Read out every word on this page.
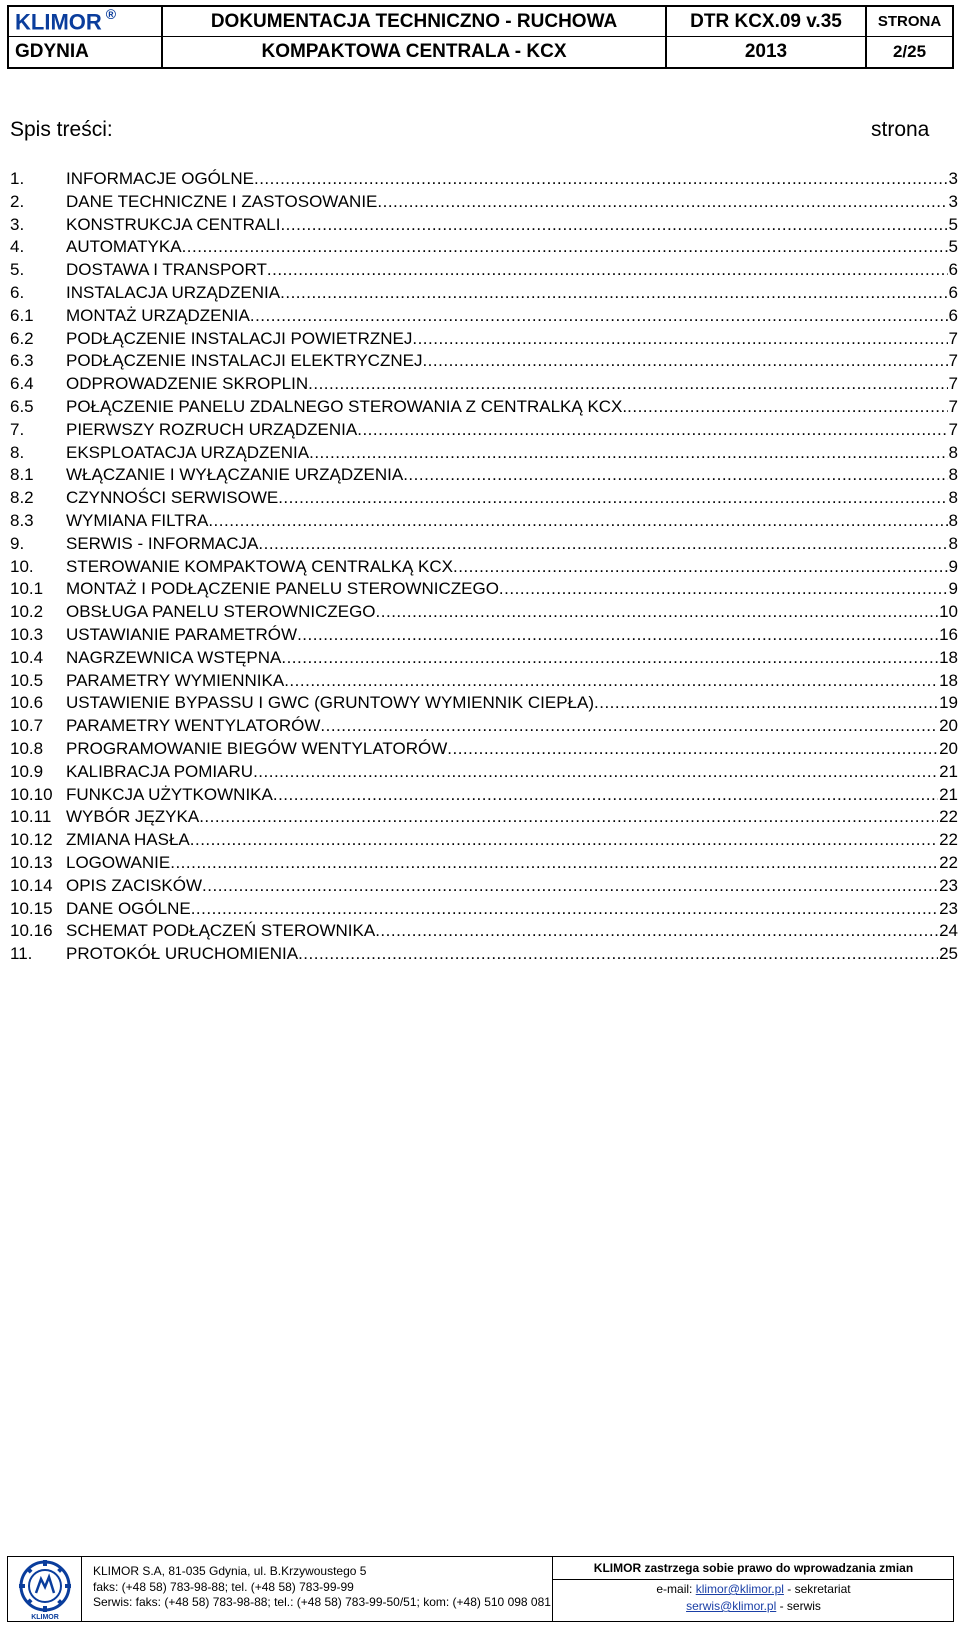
KLIMOR ®	DOKUMENTACJA TECHNICZNO - RUCHOWA	DTR KCX.09 v.35 STRONA
GDYNIA	KOMPAKTOWA CENTRALA - KCX	2013	2/25
Spis treści:	strona
1.	INFORMACJE OGÓLNE .....	3
2.	DANE TECHNICZNE I ZASTOSOWANIE .....	3
3.	KONSTRUKCJA CENTRALI .....	5
4.	AUTOMATYKA .....	5
5.	DOSTAWA I TRANSPORT .....	6
6.	INSTALACJA URZĄDZENIA .....	6
6.1	MONTAŻ URZĄDZENIA .....	6
6.2	PODŁĄCZENIE INSTALACJI POWIETRZNEJ .....	7
6.3	PODŁĄCZENIE INSTALACJI ELEKTRYCZNEJ .....	7
6.4	ODPROWADZENIE SKROPLIN .....	7
6.5	POŁĄCZENIE PANELU ZDALNEGO STEROWANIA Z CENTRALKĄ KCX. .....	7
7.	PIERWSZY ROZRUCH URZĄDZENIA .....	7
8.	EKSPLOATACJA URZĄDZENIA .....	8
8.1	WŁĄCZANIE I WYŁĄCZANIE URZĄDZENIA .....	8
8.2	CZYNNOŚCI SERWISOWE .....	8
8.3	WYMIANA FILTRA .....	8
9.	SERWIS - INFORMACJA .....	8
10.	STEROWANIE KOMPAKTOWĄ CENTRALKĄ KCX .....	9
10.1	MONTAŻ I PODŁĄCZENIE PANELU STEROWNICZEGO .....	9
10.2	OBSŁUGA PANELU STEROWNICZEGO .....	10
10.3	USTAWIANIE PARAMETRÓW .....	16
10.4	NAGRZEWNICA WSTĘPNA .....	18
10.5	PARAMETRY WYMIENNIKA .....	18
10.6	USTAWIENIE BYPASSU I GWC (GRUNTOWY WYMIENNIK CIEPŁA) .....	19
10.7	PARAMETRY WENTYLATORÓW .....	20
10.8	PROGRAMOWANIE BIEGÓW WENTYLATORÓW .....	20
10.9	KALIBRACJA POMIARU .....	21
10.10 FUNKCJA UŻYTKOWNIKA .....	21
10.11 WYBÓR JĘZYKA .....	22
10.12 ZMIANA HASŁA .....	22
10.13 LOGOWANIE .....	22
10.14 OPIS ZACISKÓW .....	23
10.15 DANE OGÓLNE .....	23
10.16 SCHEMAT PODŁĄCZEŃ STEROWNIKA .....	24
11.	PROTOKÓŁ URUCHOMIENIA .....	25
KLIMOR
KLIMOR S.A, 81-035 Gdynia, ul. B.Krzywoustego 5
faks: (+48 58) 783-98-88; tel. (+48 58) 783-99-99
Serwis: faks: (+48 58) 783-98-88; tel.: (+48 58) 783-99-50/51; kom: (+48) 510 098 081
KLIMOR zastrzega sobie prawo do wprowadzania zmian
e-mail: klimor@klimor.pl - sekretariat
serwis@klimor.pl - serwis
